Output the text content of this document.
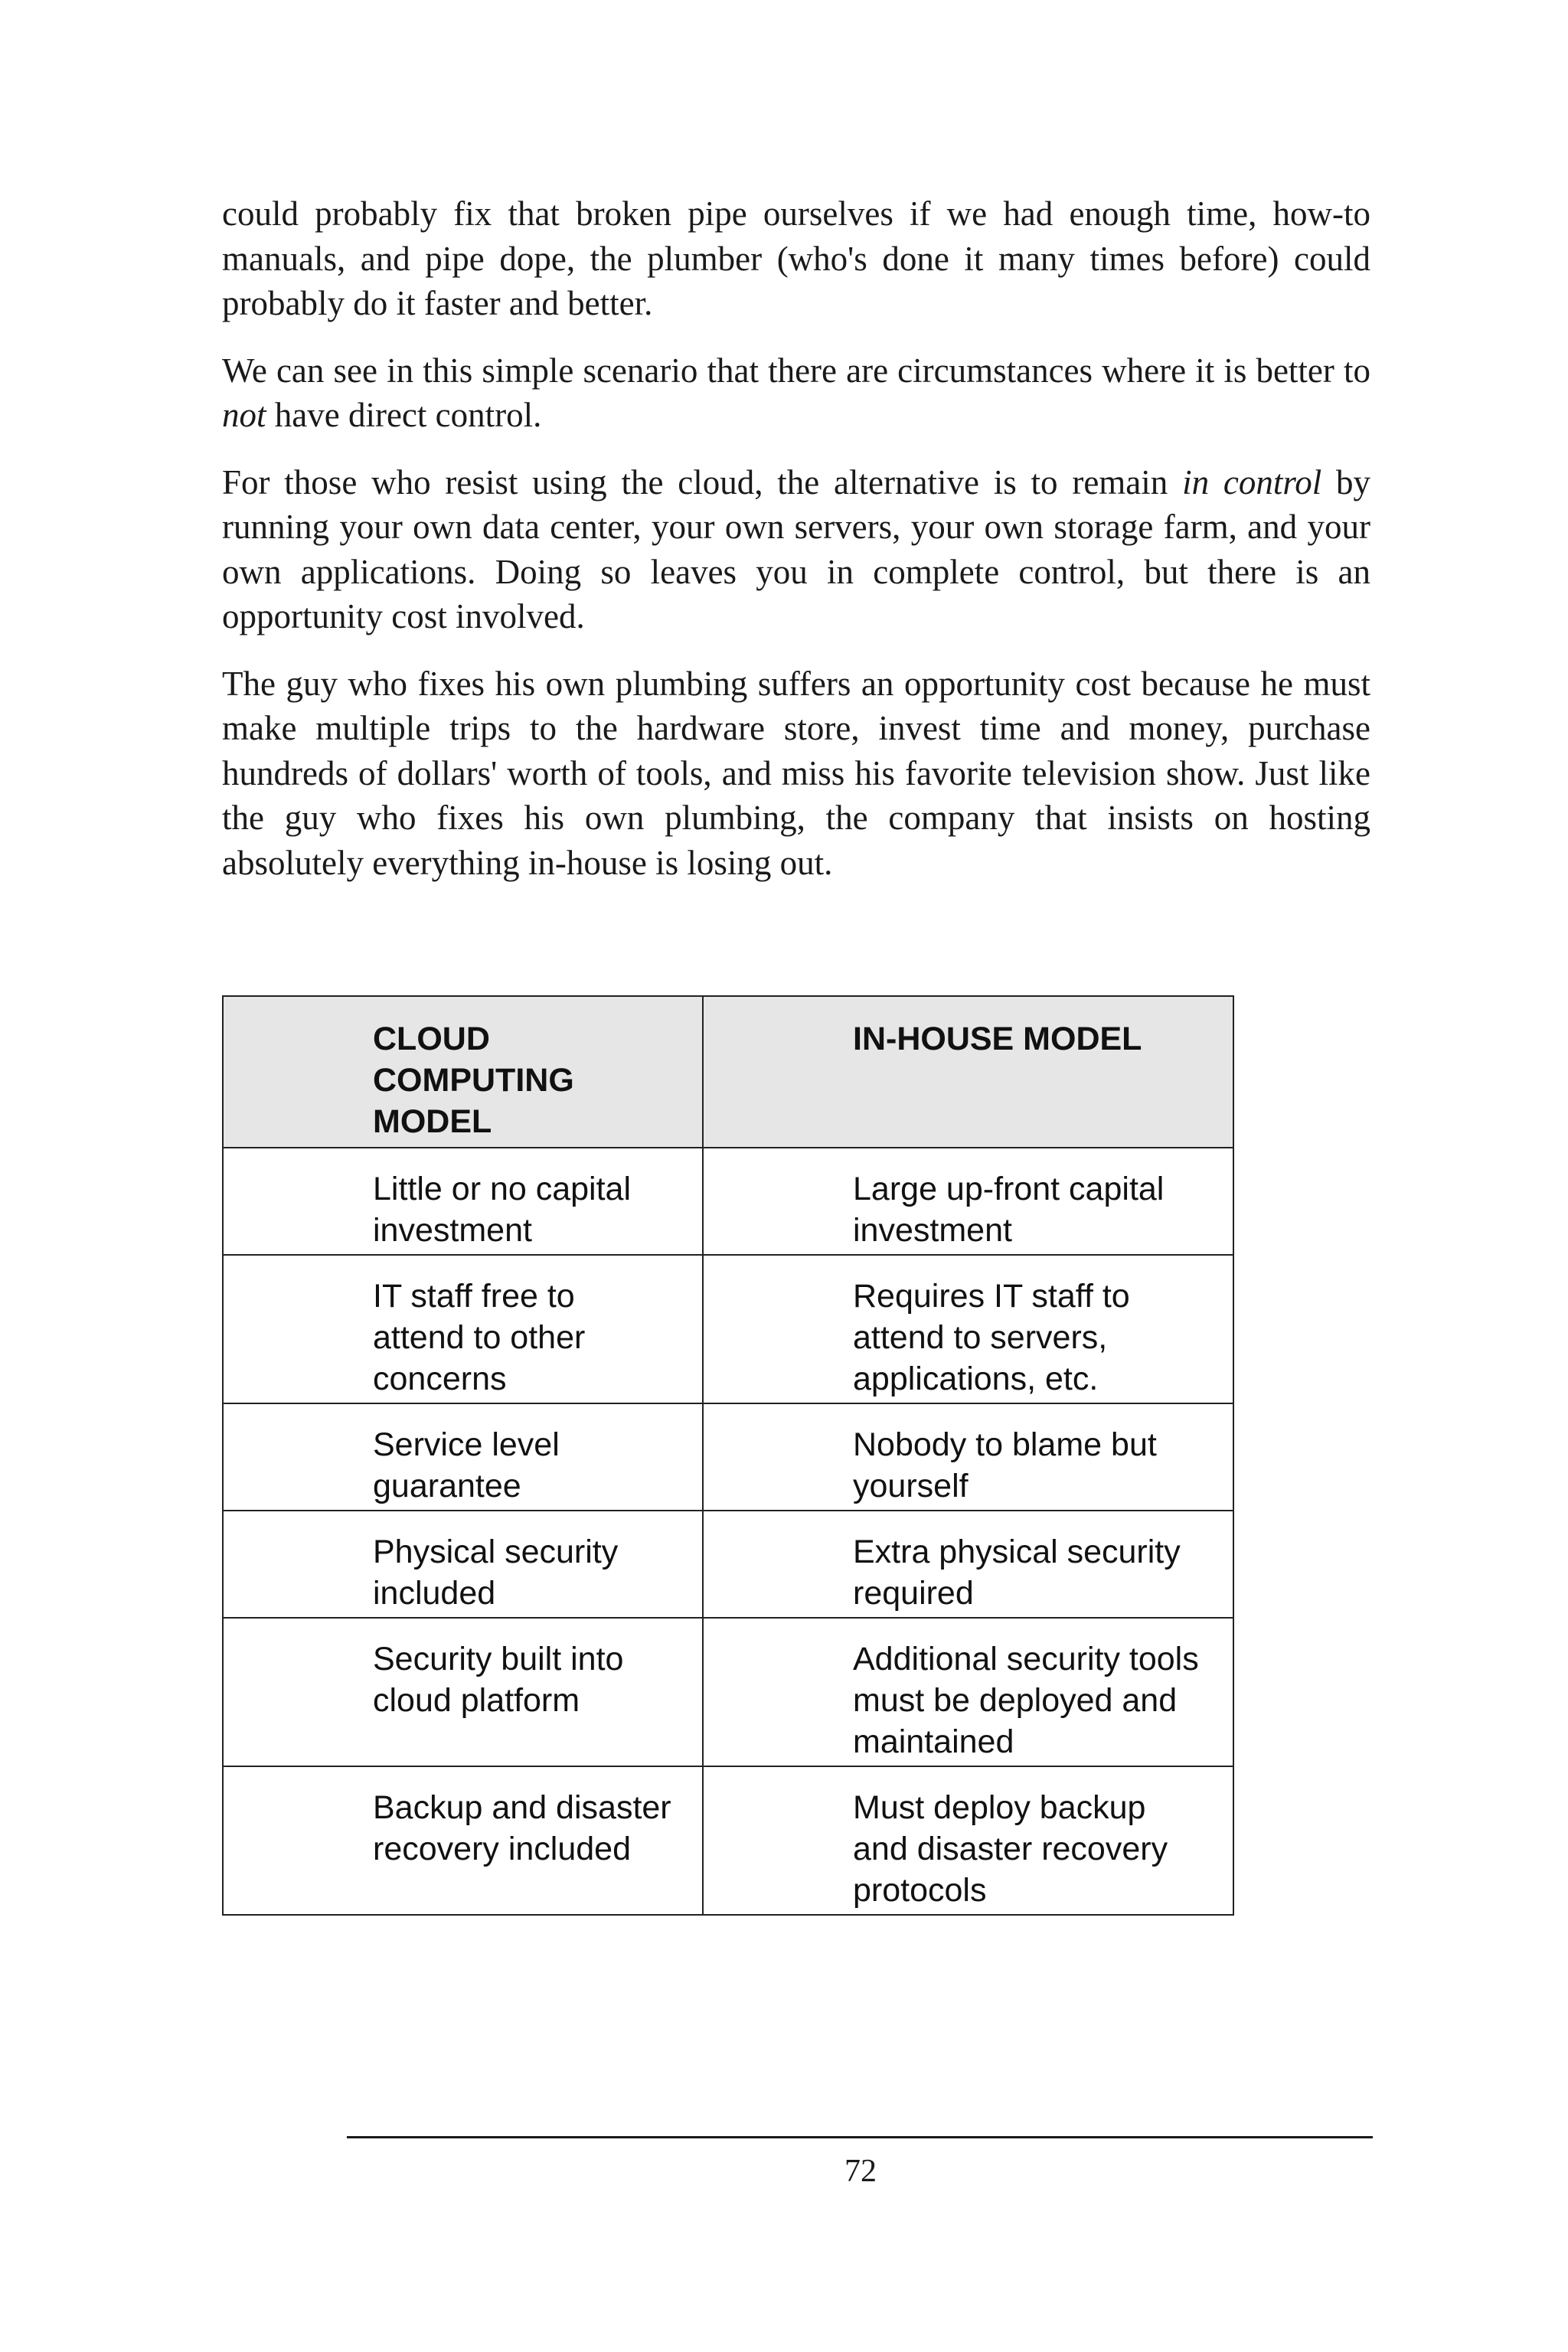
could probably fix that broken pipe ourselves if we had enough time, how-to manuals, and pipe dope, the plumber (who's done it many times before) could probably do it faster and better.

We can see in this simple scenario that there are circumstances where it is better to not have direct control.

For those who resist using the cloud, the alternative is to remain in control by running your own data center, your own servers, your own storage farm, and your own applications. Doing so leaves you in complete control, but there is an opportunity cost involved.

The guy who fixes his own plumbing suffers an opportunity cost because he must make multiple trips to the hardware store, invest time and money, purchase hundreds of dollars' worth of tools, and miss his favorite television show. Just like the guy who fixes his own plumbing, the company that insists on hosting absolutely everything in-house is losing out.

CLOUD COMPUTING MODEL	IN-HOUSE MODEL
Little or no capital investment	Large up-front capital investment
IT staff free to attend to other concerns	Requires IT staff to attend to servers, applications, etc.
Service level guarantee	Nobody to blame but yourself
Physical security included	Extra physical security required
Security built into cloud platform	Additional security tools must be deployed and maintained
Backup and disaster recovery included	Must deploy backup and disaster recovery protocols
72
